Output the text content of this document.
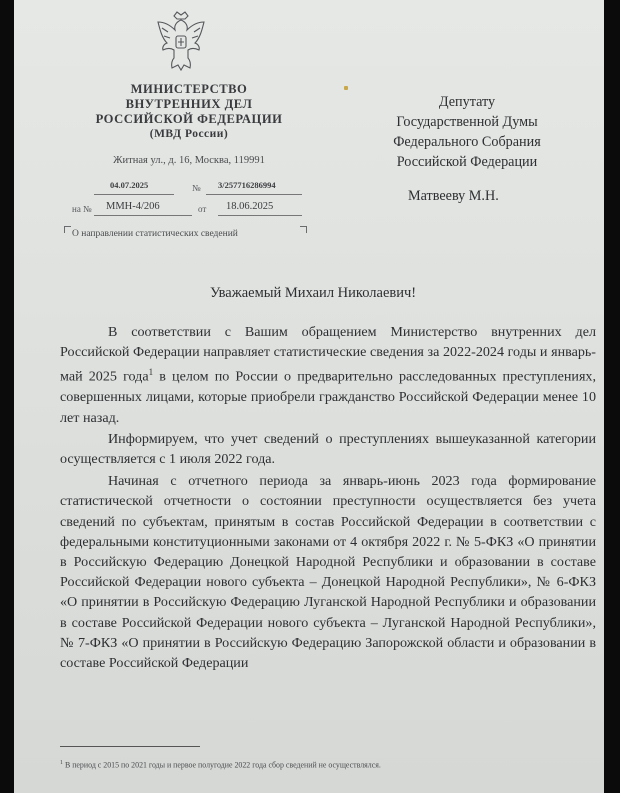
МИНИСТЕРСТВО
ВНУТРЕННИХ ДЕЛ
РОССИЙСКОЙ ФЕДЕРАЦИИ
(МВД России)
Житная ул., д. 16, Москва, 119991
04.07.2025	№ 3/257716286994
на № ММН-4/206	от 18.06.2025
О направлении статистических сведений
Депутату
Государственной Думы
Федерального Собрания
Российской Федерации
Матвееву М.Н.
Уважаемый Михаил Николаевич!

В соответствии с Вашим обращением Министерство внутренних дел Российской Федерации направляет статистические сведения за 2022-2024 годы и январь-май 2025 года$^1$ в целом по России о предварительно расследованных преступлениях, совершенных лицами, которые приобрели гражданство Российской Федерации менее 10 лет назад.

Информируем, что учет сведений о преступлениях вышеуказанной категории осуществляется с 1 июля 2022 года.

Начиная с отчетного периода за январь-июнь 2023 года формирование статистической отчетности о состоянии преступности осуществляется без учета сведений по субъектам, принятым в состав Российской Федерации в соответствии с федеральными конституционными законами от 4 октября 2022 г. № 5-ФКЗ «О принятии в Российскую Федерацию Донецкой Народной Республики и образовании в составе Российской Федерации нового субъекта – Донецкой Народной Республики», № 6-ФКЗ «О принятии в Российскую Федерацию Луганской Народной Республики и образовании в составе Российской Федерации нового субъекта – Луганской Народной Республики», № 7-ФКЗ «О принятии в Российскую Федерацию Запорожской области и образовании в составе Российской Федерации

$^1$ В период с 2015 по 2021 годы и первое полугодие 2022 года сбор сведений не осуществлялся.
